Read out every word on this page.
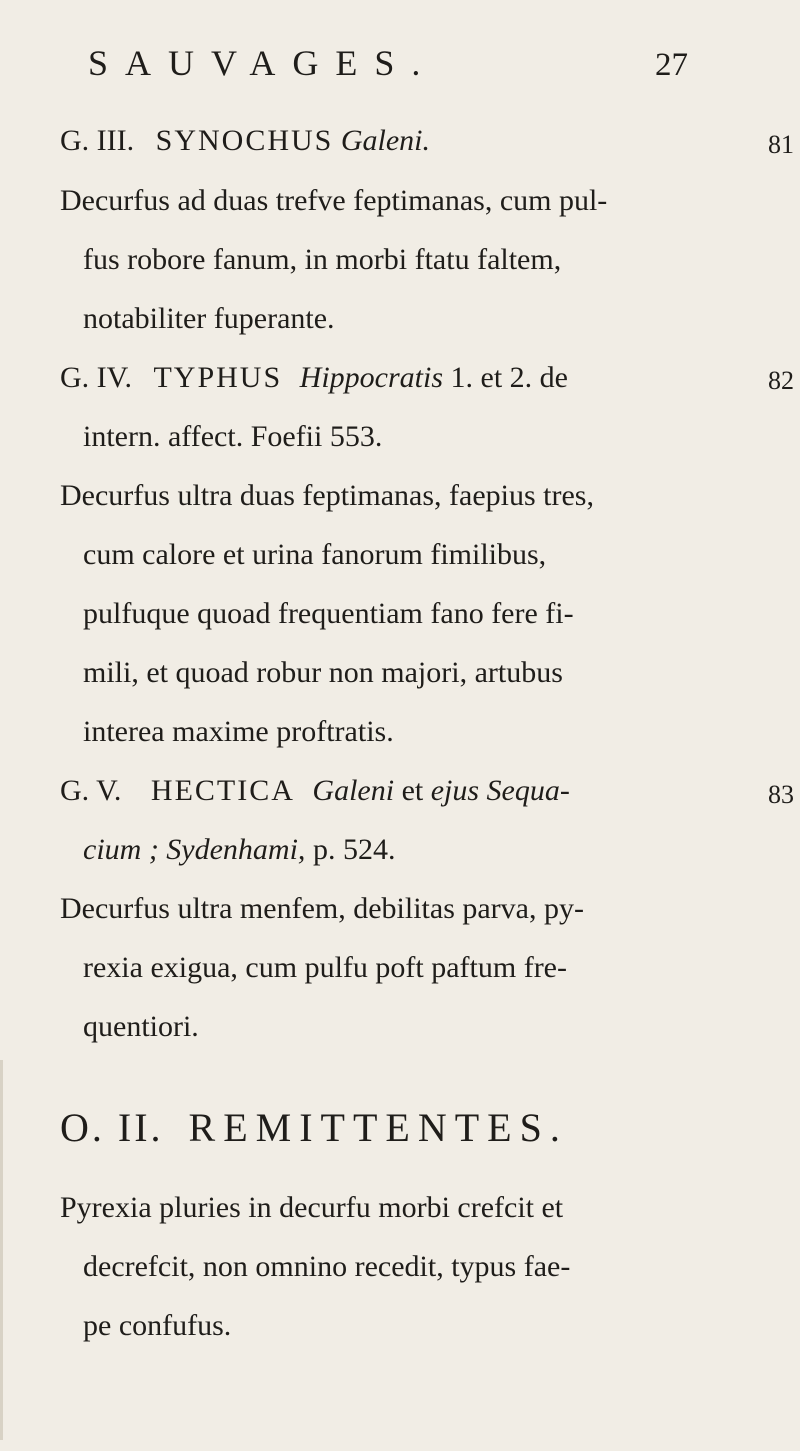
SAUVAGES.	27
G. III. SYNOCHUS Galeni.	81
Decurfus ad duas trefve feptimanas, cum pul-
fus robore fanum, in morbi ftatu faltem,
notabiliter fuperante.
G. IV. TYPHUS Hippocratis 1. et 2. de	82
intern. affect. Foefii 553.
Decurfus ultra duas feptimanas, faepius tres,
cum calore et urina fanorum fimilibus,
pulfuque quoad frequentiam fano fere fi-
mili, et quoad robur non majori, artubus
interea maxime proftratis.
G. V. HECTICA Galeni et ejus Sequa-	83
cium ; Sydenhami, p. 524.
Decurfus ultra menfem, debilitas parva, py-
rexia exigua, cum pulfu poft paftum fre-
quentiori.
O. II. REMITTENTES.
Pyrexia pluries in decurfu morbi crefcit et
decrefcit, non omnino recedit, typus fae-
pe confufus.
